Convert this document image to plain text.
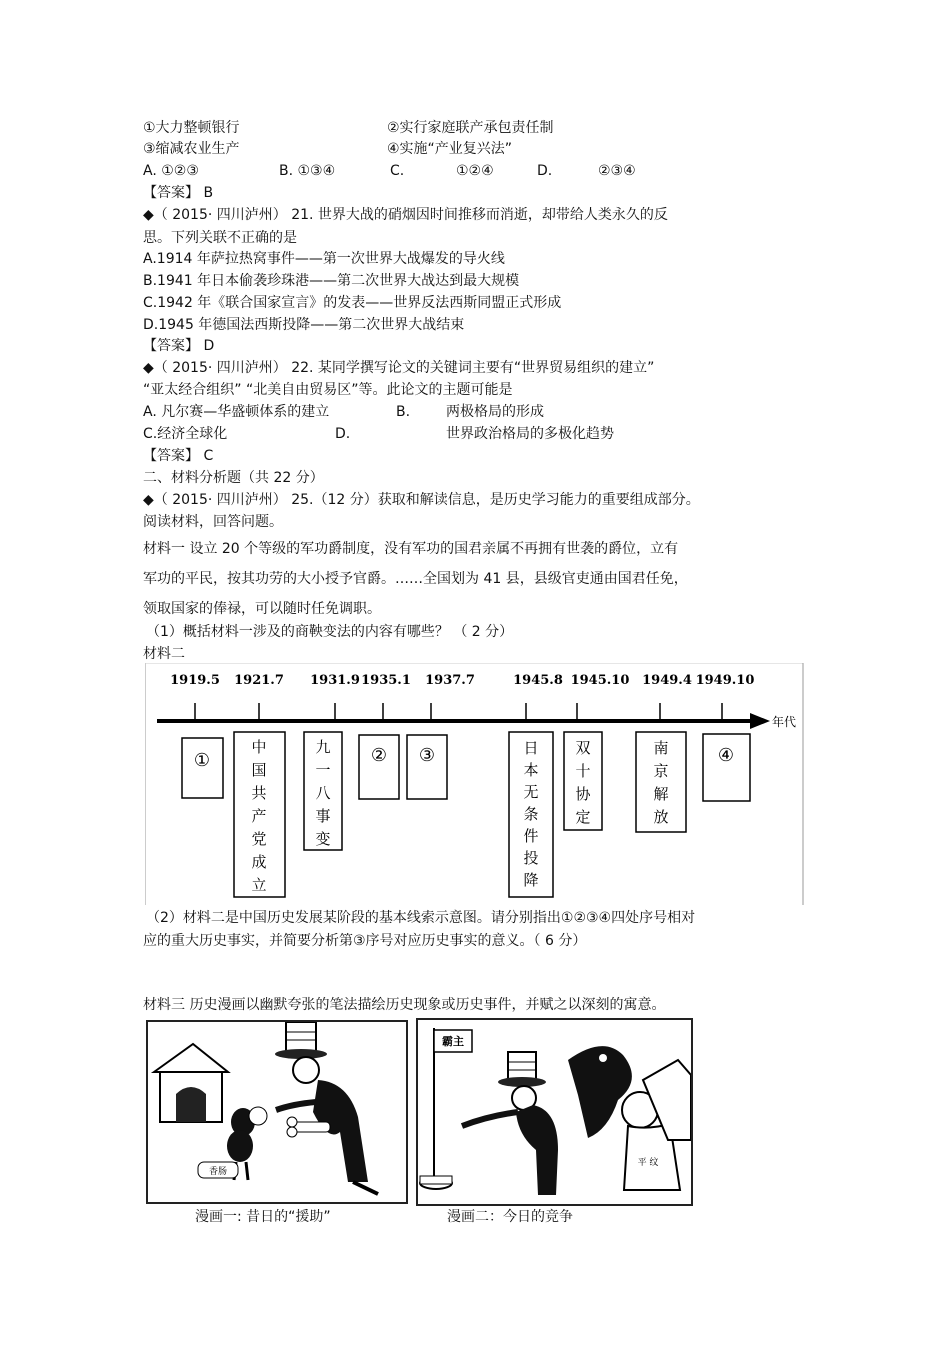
①大力整顿银行	②实行家庭联产承包责任制
③缩减农业生产	④实施“产业复兴法”
A. ①②③	B. ①③④	C.	①②④	D.	②③④
【答案】 B
◆（ 2015· 四川泸州） 21. 世界大战的硝烟因时间推移而消逝，却带给人类永久的反
思。下列关联不正确的是
A.1914 年萨拉热窝事件——第一次世界大战爆发的导火线
B.1941 年日本偷袭珍珠港——第二次世界大战达到最大规模
C.1942 年《联合国家宣言》的发表——世界反法西斯同盟正式形成
D.1945 年德国法西斯投降——第二次世界大战结束
【答案】 D
◆（ 2015· 四川泸州） 22. 某同学撰写论文的关键词主要有“世界贸易组织的建立”
“亚太经合组织” “北美自由贸易区”等。此论文的主题可能是
A. 凡尔赛—华盛顿体系的建立	B.	两极格局的形成
C.经济全球化	D.	世界政治格局的多极化趋势
【答案】 C
二、材料分析题（共 22 分）
◆（ 2015· 四川泸州） 25.（12 分）获取和解读信息，是历史学习能力的重要组成部分。
阅读材料，回答问题。
材料一 设立 20 个等级的军功爵制度，没有军功的国君亲属不再拥有世袭的爵位，立有
军功的平民，按其功劳的大小授予官爵。……全国划为 41 县，县级官吏通由国君任免，
领取国家的俸禄，可以随时任免调职。
（1）概括材料一涉及的商鞅变法的内容有哪些？ （ 2 分）
材料二
年代
1919.5
①
1921.7
中
国
共
产
党
成
立
1931.9
九
一
八
事
变
1935.1
②
1937.7
③
1945.8
日
本
无
条
件
投
降
1945.10
双
十
协
定
1949.4
南
京
解
放
1949.10
④
（2）材料二是中国历史发展某阶段的基本线索示意图。请分别指出①②③④四处序号相对
应的重大历史事实，并简要分析第③序号对应历史事实的意义。（ 6 分）
材料三 历史漫画以幽默夸张的笔法描绘历史现象或历史事件，并赋之以深刻的寓意。
香肠
霸主
平 纹
漫画一: 昔日的“援助”	漫画二：今日的竞争
